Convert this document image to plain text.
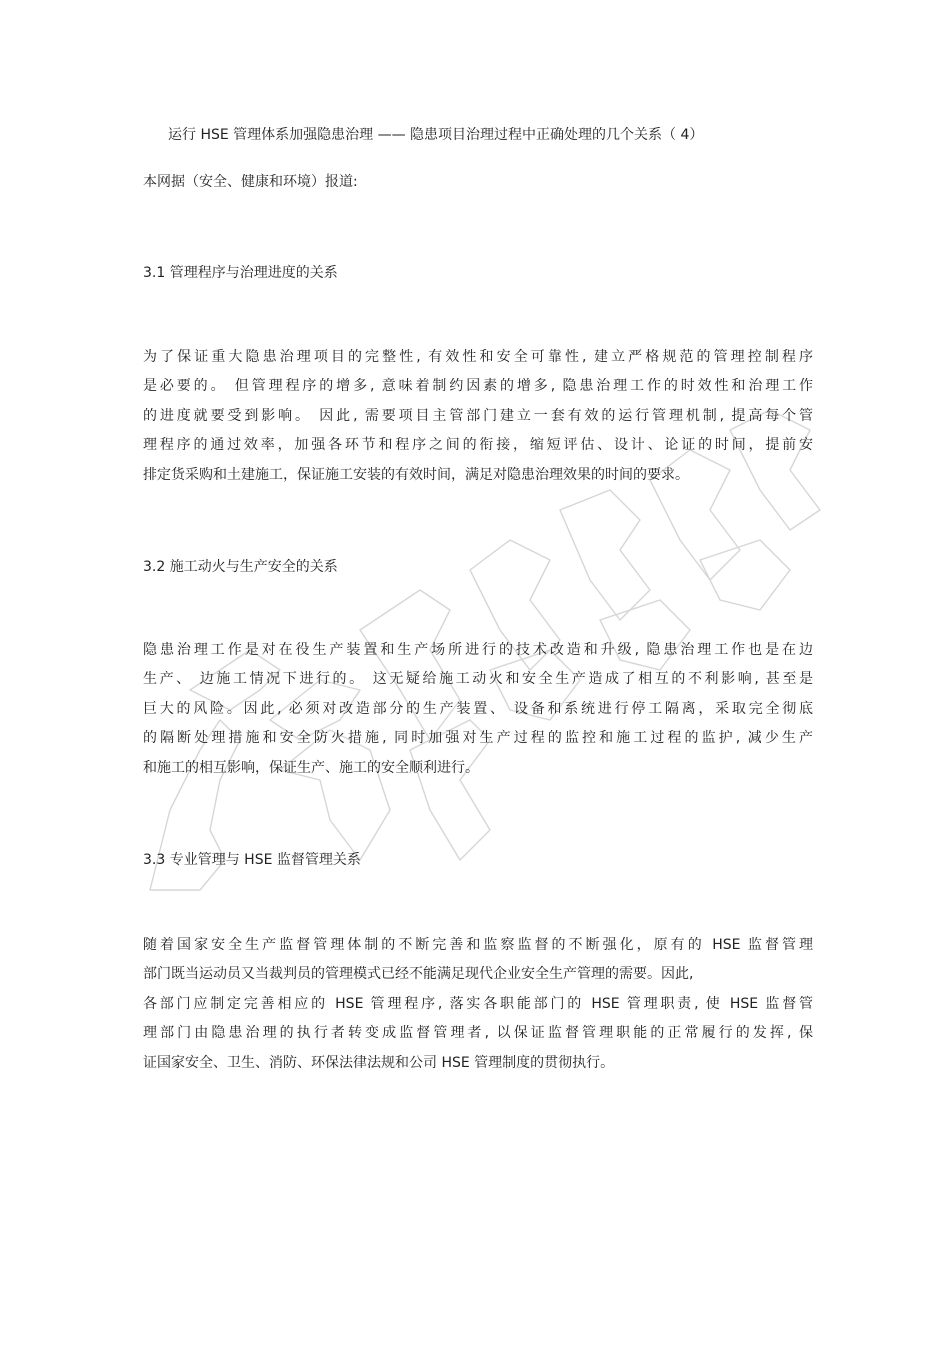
运行 HSE 管理体系加强隐患治理 —— 隐患项目治理过程中正确处理的几个关系（ 4）
本网据（安全、健康和环境）报道:
3.1 管理程序与治理进度的关系
为了保证重大隐患治理项目的完整性, 有效性和安全可靠性, 建立严格规范的管理控制程序
是必要的。 但管理程序的增多, 意味着制约因素的增多, 隐患治理工作的时效性和治理工作
的进度就要受到影响。 因此, 需要项目主管部门建立一套有效的运行管理机制, 提高每个管
理程序的通过效率，加强各环节和程序之间的衔接，缩短评估、设计、论证的时间，提前安
排定货采购和土建施工，保证施工安装的有效时间，满足对隐患治理效果的时间的要求。
3.2 施工动火与生产安全的关系
隐患治理工作是对在役生产装置和生产场所进行的技术改造和升级, 隐患治理工作也是在边
生产、 边施工情况下进行的。 这无疑给施工动火和安全生产造成了相互的不利影响, 甚至是
巨大的风险。因此, 必须对改造部分的生产装置、 设备和系统进行停工隔离，采取完全彻底
的隔断处理措施和安全防火措施, 同时加强对生产过程的监控和施工过程的监护, 减少生产
和施工的相互影响，保证生产、施工的安全顺利进行。
3.3 专业管理与 HSE 监督管理关系
随着国家安全生产监督管理体制的不断完善和监察监督的不断强化，原有的 HSE 监督管理
部门既当运动员又当裁判员的管理模式已经不能满足现代企业安全生产管理的需要。因此,
各部门应制定完善相应的 HSE 管理程序, 落实各职能部门的 HSE 管理职责, 使 HSE 监督管
理部门由隐患治理的执行者转变成监督管理者, 以保证监督管理职能的正常履行的发挥, 保
证国家安全、卫生、消防、环保法律法规和公司 HSE 管理制度的贯彻执行。
